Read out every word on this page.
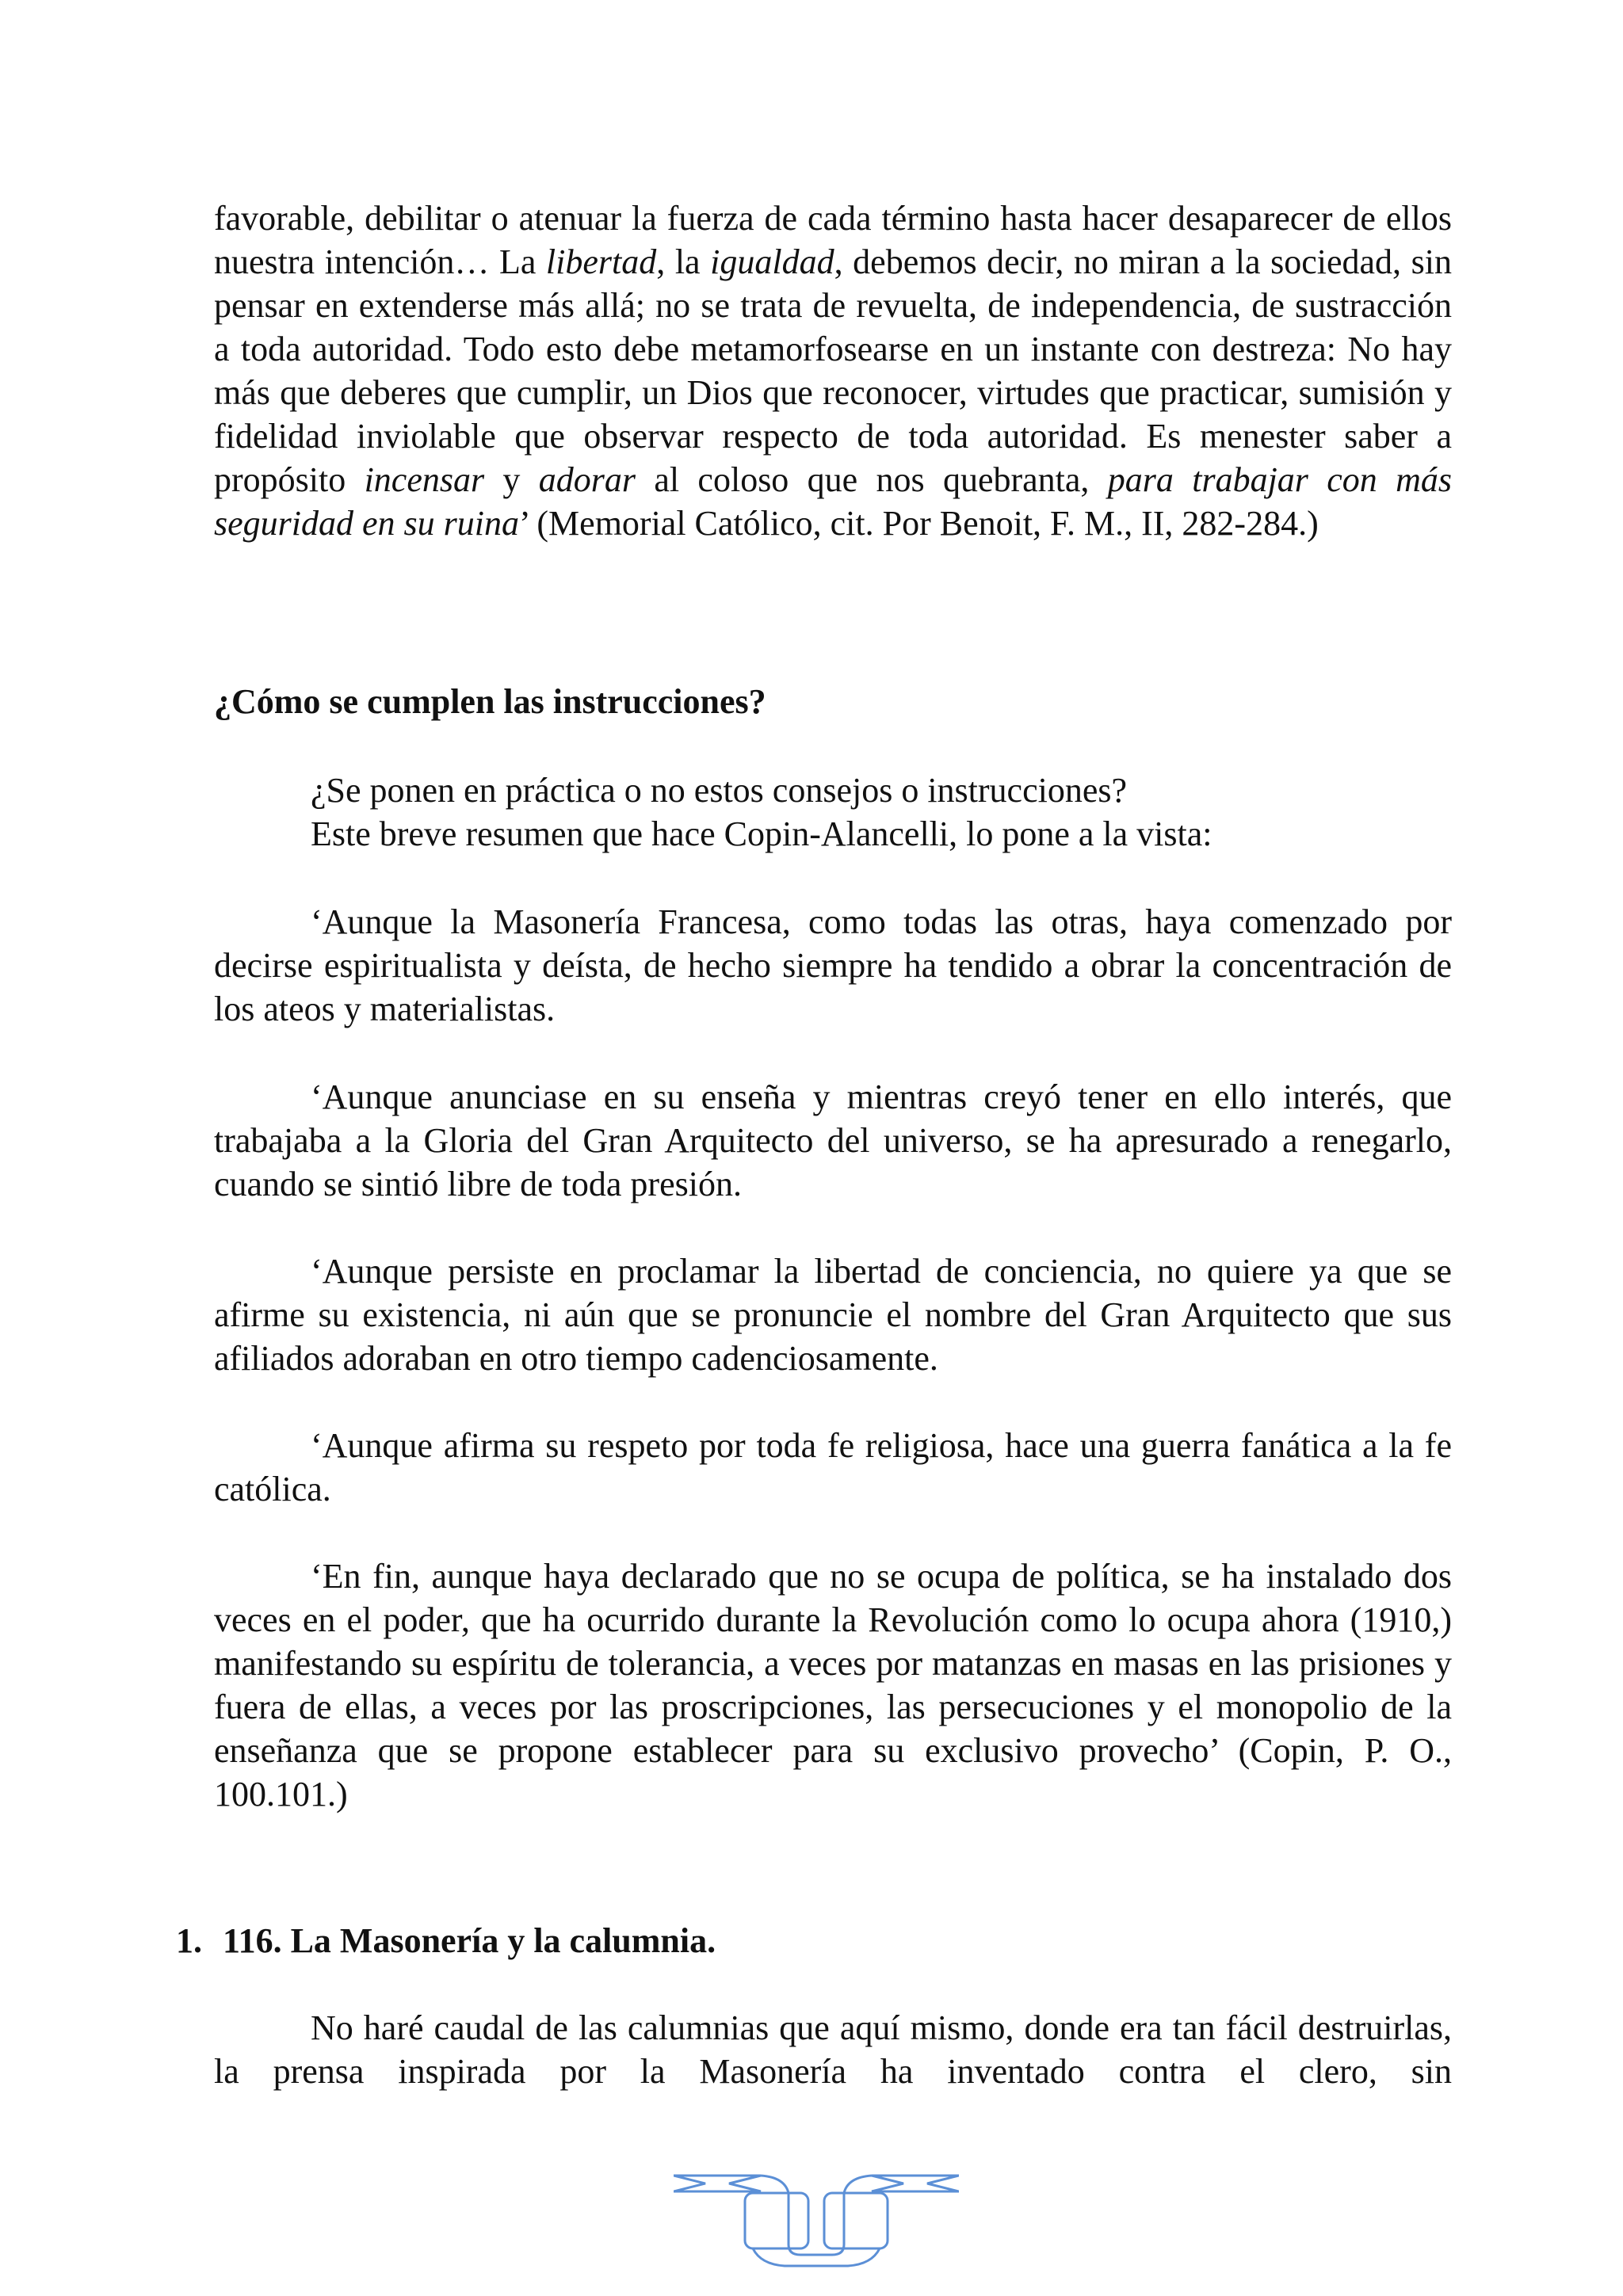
favorable, debilitar o atenuar la fuerza de cada término hasta hacer desaparecer de ellos nuestra intención… La libertad, la igualdad, debemos decir, no miran a la sociedad, sin pensar en extenderse más allá; no se trata de revuelta, de independencia, de sustracción a toda autoridad. Todo esto debe metamorfosearse en un instante con destreza: No hay más que deberes que cumplir, un Dios que reconocer, virtudes que practicar, sumisión y fidelidad inviolable que observar respecto de toda autoridad. Es menester saber a propósito incensar y adorar al coloso que nos quebranta, para trabajar con más seguridad en su ruina’ (Memorial Católico, cit. Por Benoit, F. M., II, 282-284.)

¿Cómo se cumplen las instrucciones?

¿Se ponen en práctica o no estos consejos o instrucciones?

Este breve resumen que hace Copin-Alancelli, lo pone a la vista:

‘Aunque la Masonería Francesa, como todas las otras, haya comenzado por decirse espiritualista y deísta, de hecho siempre ha tendido a obrar la concentración de los ateos y materialistas.

‘Aunque anunciase en su enseña y mientras creyó tener en ello interés, que trabajaba a la Gloria del Gran Arquitecto del universo, se ha apresurado a renegarlo, cuando se sintió libre de toda presión.

‘Aunque persiste en proclamar la libertad de conciencia, no quiere ya que se afirme su existencia, ni aún que se pronuncie el nombre del Gran Arquitecto que sus afiliados adoraban en otro tiempo cadenciosamente.

‘Aunque afirma su respeto por toda fe religiosa, hace una guerra fanática a la fe católica.

‘En fin, aunque haya declarado que no se ocupa de política, se ha instalado dos veces en el poder, que ha ocurrido durante la Revolución como lo ocupa ahora (1910,) manifestando su espíritu de tolerancia, a veces por matanzas en masas en las prisiones y fuera de ellas, a veces por las proscripciones, las persecuciones y el monopolio de la enseñanza que se propone establecer para su exclusivo provecho’ (Copin, P. O., 100.101.)

1. 116. La Masonería y la calumnia.

No haré caudal de las calumnias que aquí mismo, donde era tan fácil destruirlas, la prensa inspirada por la Masonería ha inventado contra el clero, sin
